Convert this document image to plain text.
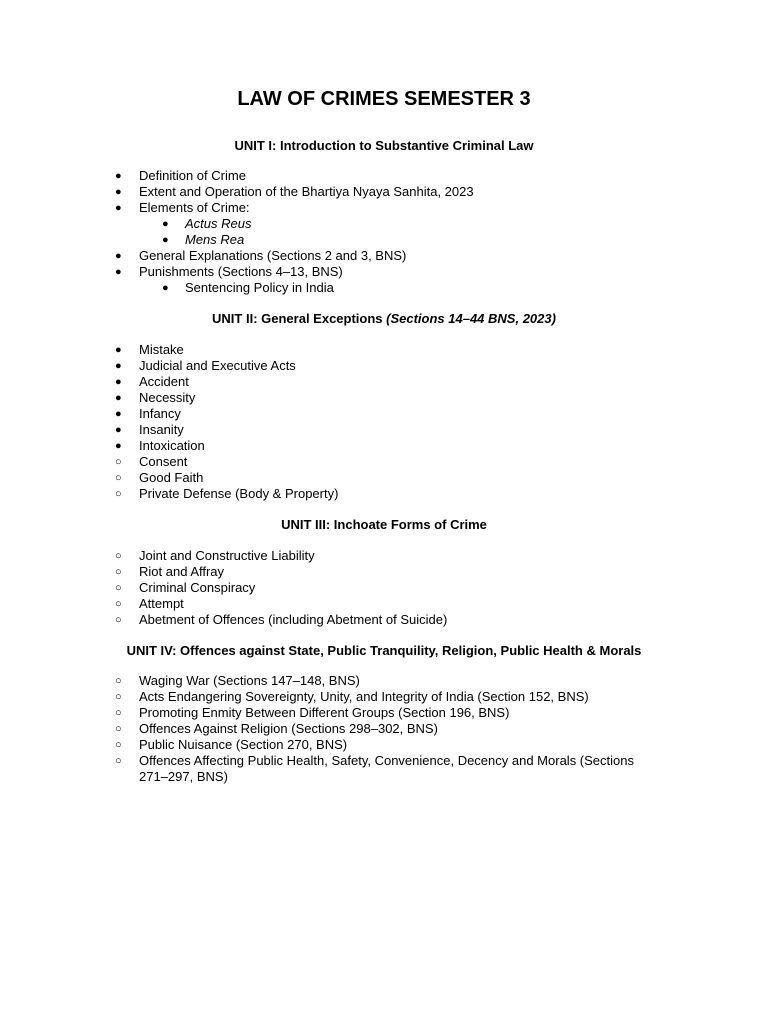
LAW OF CRIMES SEMESTER 3
UNIT I: Introduction to Substantive Criminal Law
●	Definition of Crime
●	Extent and Operation of the Bhartiya Nyaya Sanhita, 2023
●	Elements of Crime:
●	Actus Reus
●	Mens Rea
●	General Explanations (Sections 2 and 3, BNS)
●	Punishments (Sections 4–13, BNS)
●	Sentencing Policy in India
UNIT II: General Exceptions (Sections 14–44 BNS, 2023)
●	Mistake
●	Judicial and Executive Acts
●	Accident
●	Necessity
●	Infancy
●	Insanity
●	Intoxication
○	Consent
○	Good Faith
○	Private Defense (Body & Property)
UNIT III: Inchoate Forms of Crime
○	Joint and Constructive Liability
○	Riot and Affray
○	Criminal Conspiracy
○	Attempt
○	Abetment of Offences (including Abetment of Suicide)
UNIT IV: Offences against State, Public Tranquility, Religion, Public Health & Morals
○	Waging War (Sections 147–148, BNS)
○	Acts Endangering Sovereignty, Unity, and Integrity of India (Section 152, BNS)
○	Promoting Enmity Between Different Groups (Section 196, BNS)
○	Offences Against Religion (Sections 298–302, BNS)
○	Public Nuisance (Section 270, BNS)
○	Offences Affecting Public Health, Safety, Convenience, Decency and Morals (Sections 271–297, BNS)
